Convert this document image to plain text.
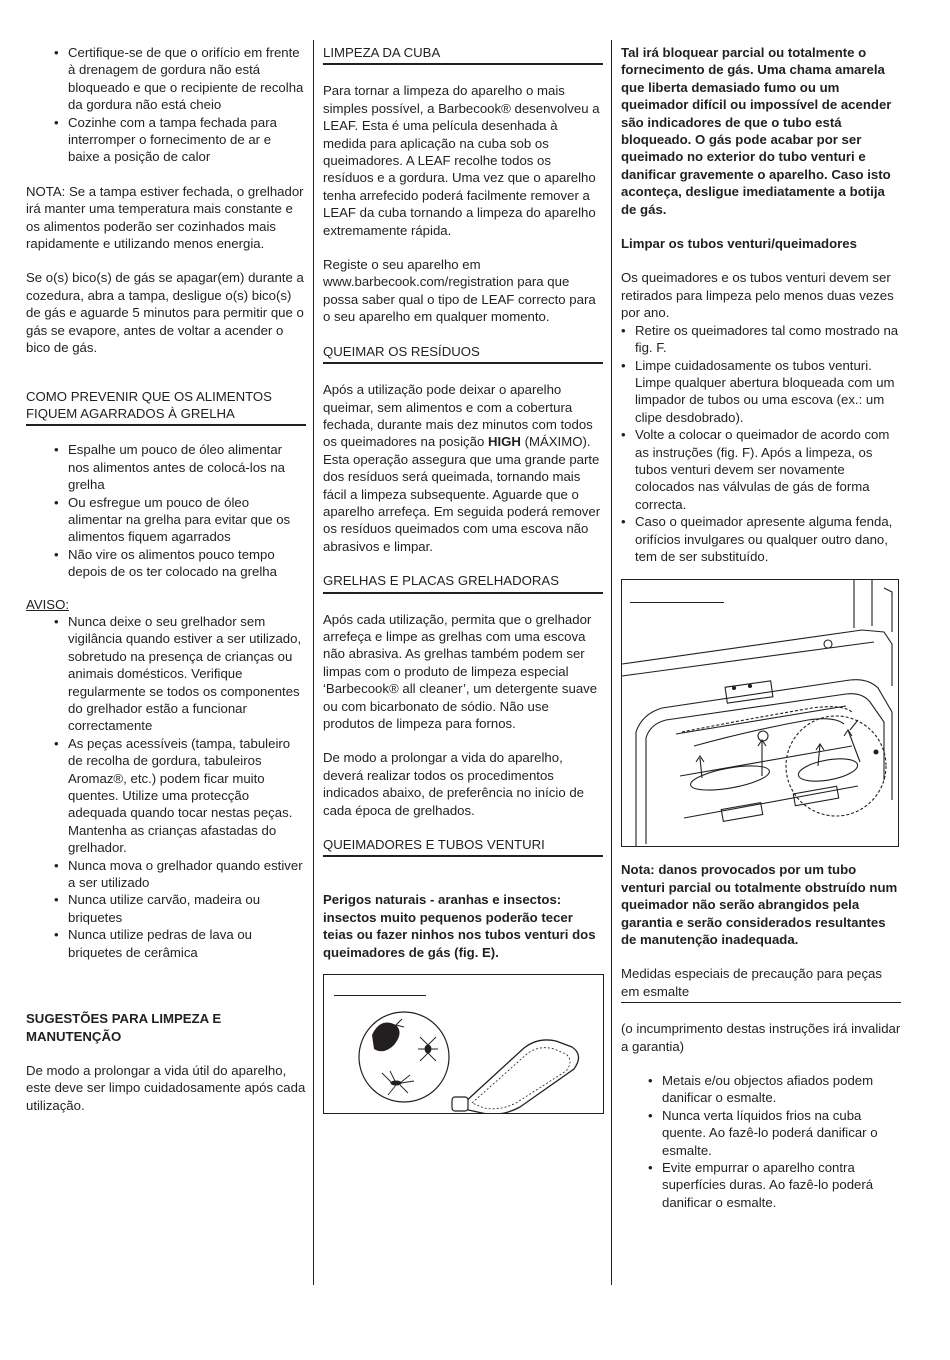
• Certifique-se de que o orifício em frente à drenagem de gordura não está bloqueado e que o recipiente de recolha da gordura não está cheio
• Cozinhe com a tampa fechada para interromper o fornecimento de ar e baixe a posição de calor

NOTA: Se a tampa estiver fechada, o grelhador irá manter uma temperatura mais constante e os alimentos poderão ser cozinhados mais rapidamente e utilizando menos energia.

Se o(s) bico(s) de gás se apagar(em) durante a cozedura, abra a tampa, desligue o(s) bico(s) de gás e aguarde 5 minutos para permitir que o gás se evapore, antes de voltar a acender o bico de gás.

COMO PREVENIR QUE OS ALIMENTOS FIQUEM AGARRADOS À GRELHA
• Espalhe um pouco de óleo alimentar nos alimentos antes de colocá-los na grelha
• Ou esfregue um pouco de óleo alimentar na grelha para evitar que os alimentos fiquem agarrados
• Não vire os alimentos pouco tempo depois de os ter colocado na grelha
AVISO:
• Nunca deixe o seu grelhador sem vigilância quando estiver a ser utilizado, sobretudo na presença de crianças ou animais domésticos. Verifique regularmente se todos os componentes do grelhador estão a funcionar correctamente
• As peças acessíveis (tampa, tabuleiro de recolha de gordura, tabuleiros Aromaz®, etc.) podem ficar muito quentes. Utilize uma protecção adequada quando tocar nestas peças. Mantenha as crianças afastadas do grelhador.
• Nunca mova o grelhador quando estiver a ser utilizado
• Nunca utilize carvão, madeira ou briquetes
• Nunca utilize pedras de lava ou briquetes de cerâmica

SUGESTÕES PARA LIMPEZA E MANUTENÇÃO

De modo a prolongar a vida útil do aparelho, este deve ser limpo cuidadosamente após cada utilização.

LIMPEZA DA CUBA

Para tornar a limpeza do aparelho o mais simples possível, a Barbecook® desenvolveu a LEAF. Esta é uma película desenhada à medida para aplicação na cuba sob os queimadores. A LEAF recolhe todos os resíduos e a gordura. Uma vez que o aparelho tenha arrefecido poderá facilmente remover a LEAF da cuba tornando a limpeza do aparelho extremamente rápida.

Registe o seu aparelho em www.barbecook.com/registration para que possa saber qual o tipo de LEAF correcto para o seu aparelho em qualquer momento.

QUEIMAR OS RESÍDUOS

Após a utilização pode deixar o aparelho queimar, sem alimentos e com a cobertura fechada, durante mais dez minutos com todos os queimadores na posição HIGH (MÁXIMO). Esta operação assegura que uma grande parte dos resíduos será queimada, tornando mais fácil a limpeza subsequente. Aguarde que o aparelho arrefeça. Em seguida poderá remover os resíduos queimados com uma escova não abrasivos e limpar.

GRELHAS E PLACAS GRELHADORAS

Após cada utilização, permita que o grelhador arrefeça e limpe as grelhas com uma escova não abrasiva. As grelhas também podem ser limpas com o produto de limpeza especial ‘Barbecook® all cleaner’, um detergente suave ou com bicarbonato de sódio. Não use produtos de limpeza para fornos.

De modo a prolongar a vida do aparelho, deverá realizar todos os procedimentos indicados abaixo, de preferência no início de cada época de grelhados.

QUEIMADORES E TUBOS VENTURI

Perigos naturais - aranhas e insectos: insectos muito pequenos poderão tecer teias ou fazer ninhos nos tubos venturi dos queimadores de gás (fig. E).

Tal irá bloquear parcial ou totalmente o fornecimento de gás. Uma chama amarela que liberta demasiado fumo ou um queimador difícil ou impossível de acender são indicadores de que o tubo está bloqueado. O gás pode acabar por ser queimado no exterior do tubo venturi e danificar gravemente o aparelho. Caso isto aconteça, desligue imediatamente a botija de gás.

Limpar os tubos venturi/queimadores

Os queimadores e os tubos venturi devem ser retirados para limpeza pelo menos duas vezes por ano.

• Retire os queimadores tal como mostrado na fig. F.
• Limpe cuidadosamente os tubos venturi. Limpe qualquer abertura bloqueada com um limpador de tubos ou uma escova (ex.: um clipe desdobrado).
• Volte a colocar o queimador de acordo com as instruções (fig. F). Após a limpeza, os tubos venturi devem ser novamente colocados nas válvulas de gás de forma correcta.
• Caso o queimador apresente alguma fenda, orifícios invulgares ou qualquer outro dano, tem de ser substituído.

Nota: danos provocados por um tubo venturi parcial ou totalmente obstruído num queimador não serão abrangidos pela garantia e serão considerados resultantes de manutenção inadequada.

Medidas especiais de precaução para peças em esmalte

(o incumprimento destas instruções irá invalidar a garantia)

• Metais e/ou objectos afiados podem danificar o esmalte.
• Nunca verta líquidos frios na cuba quente. Ao fazê-lo poderá danificar o esmalte.
• Evite empurrar o aparelho contra superfícies duras. Ao fazê-lo poderá danificar o esmalte.
